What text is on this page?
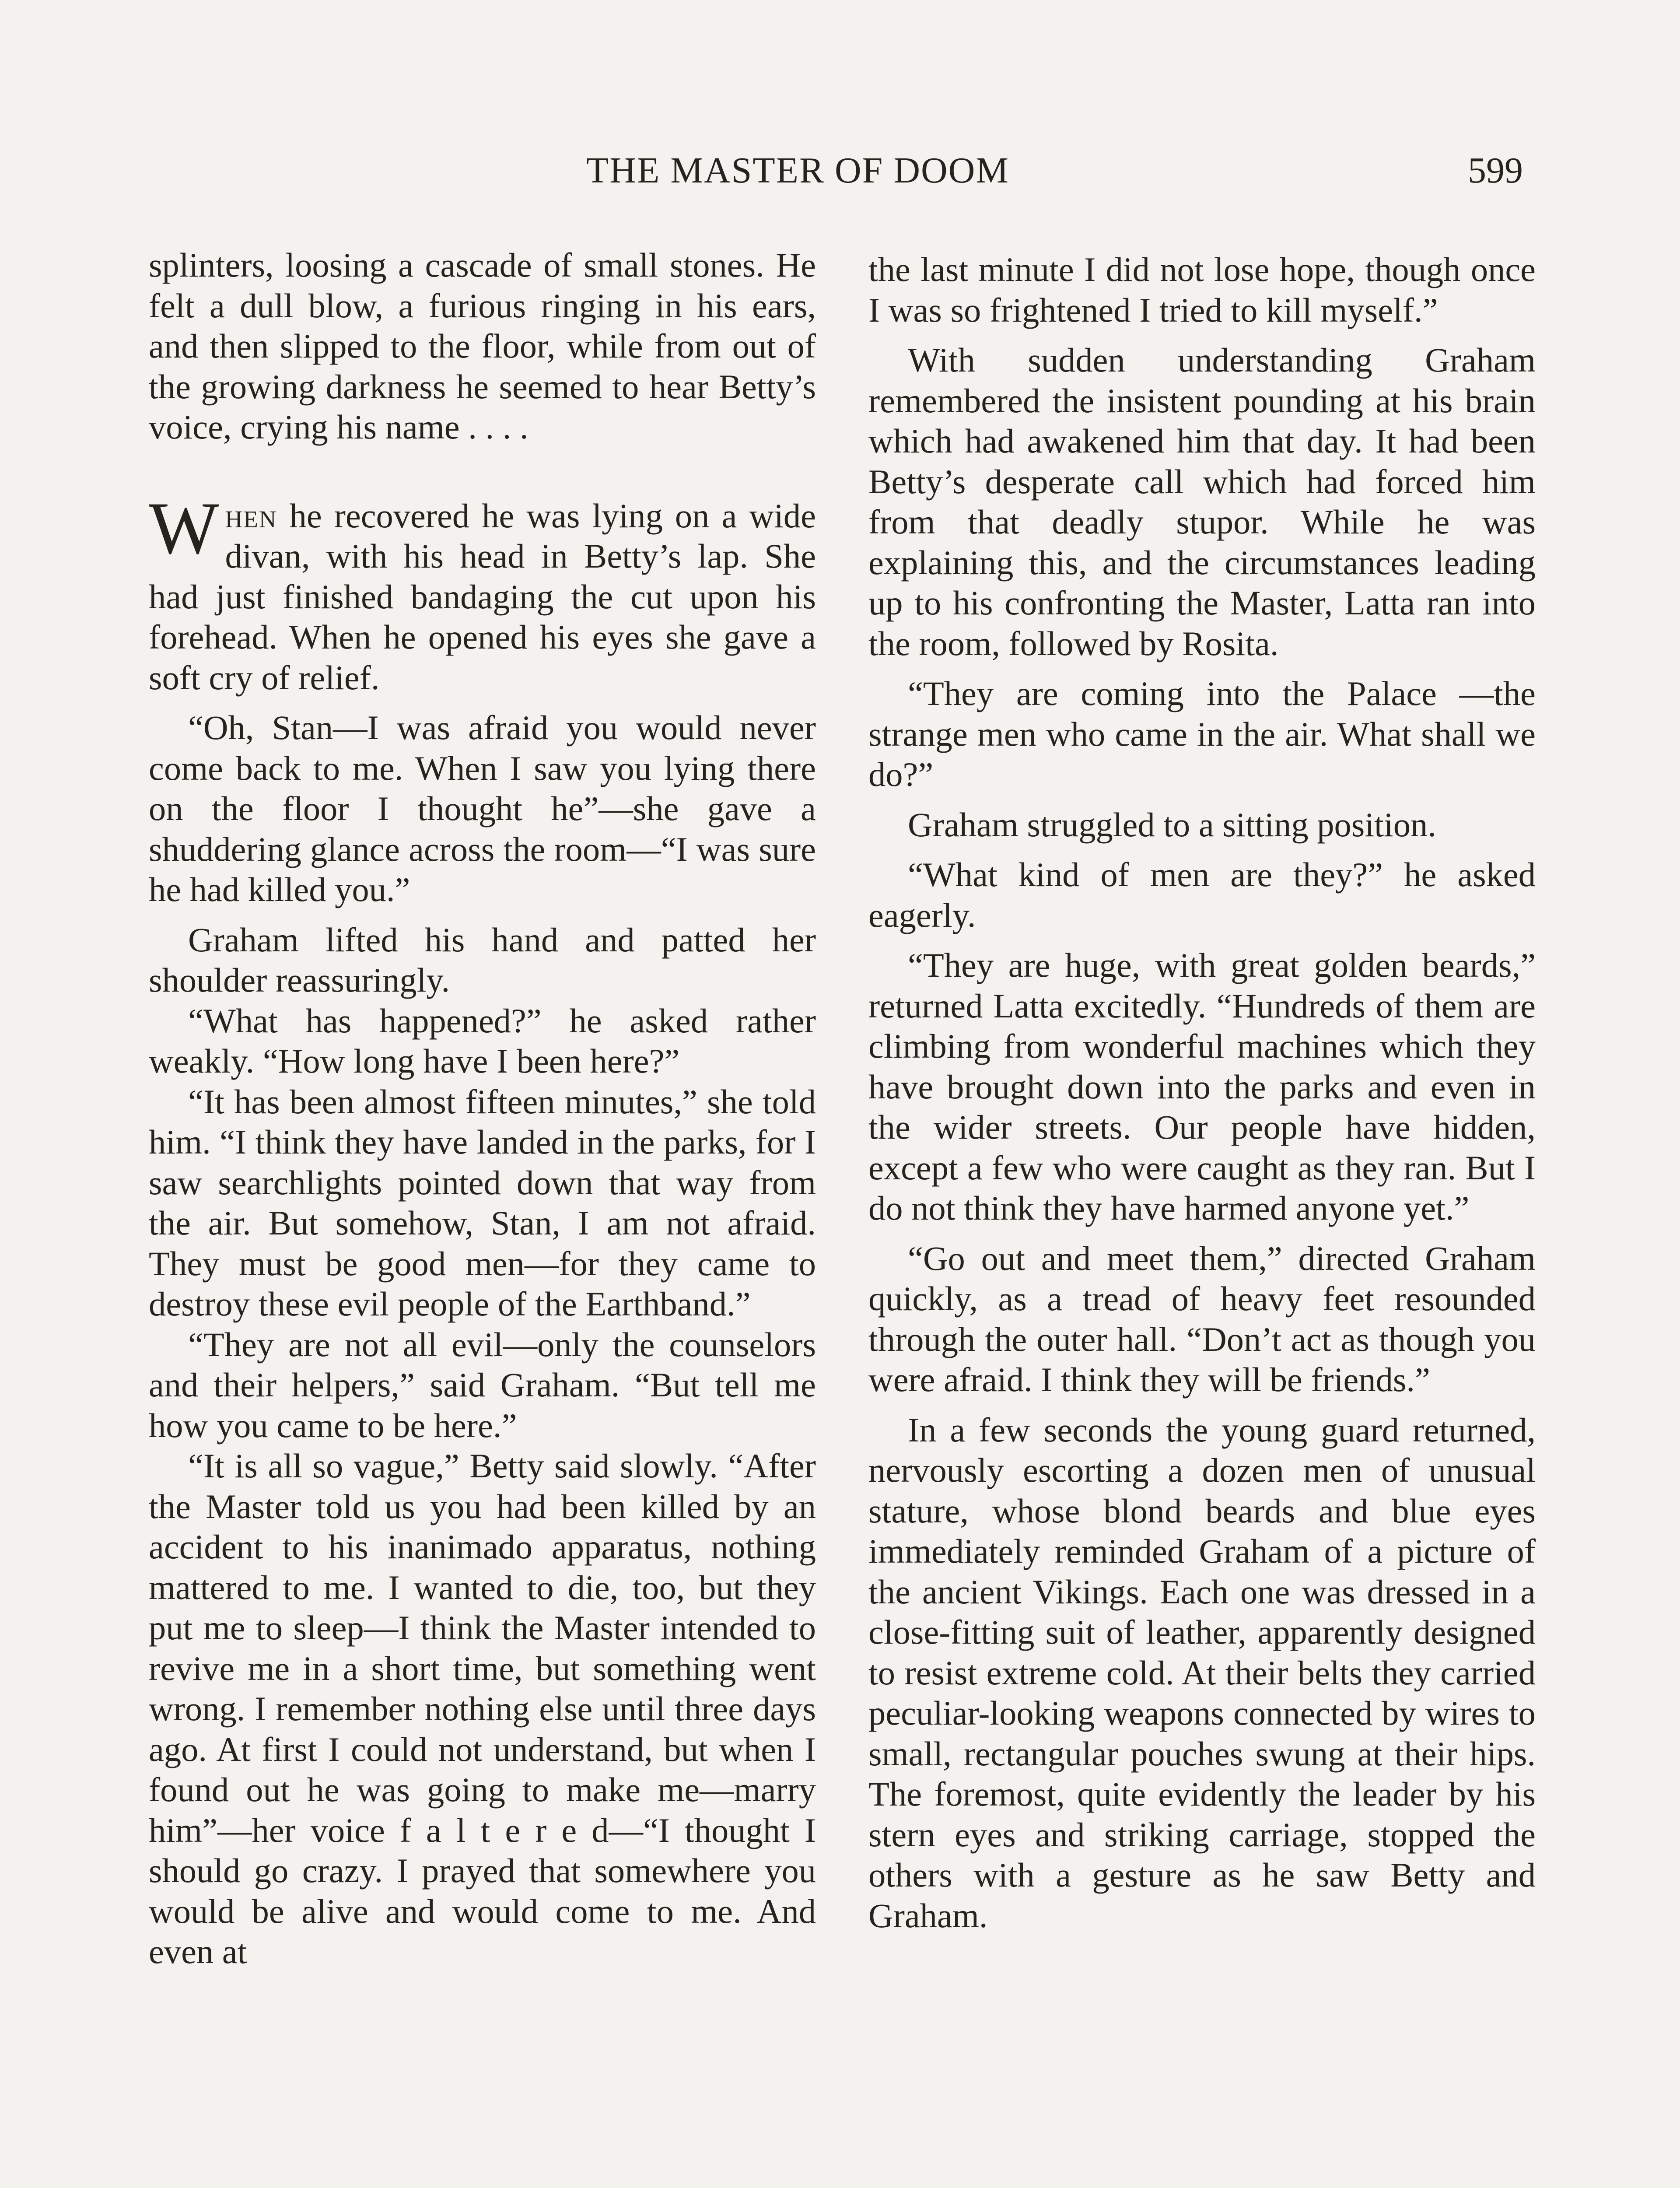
THE MASTER OF DOOM	599

splinters, loosing a cascade of small stones. He felt a dull blow, a furious ringing in his ears, and then slipped to the floor, while from out of the growing darkness he seemed to hear Betty’s voice, crying his name . . . .

When he recovered he was lying on a wide divan, with his head in Betty’s lap. She had just finished bandaging the cut upon his forehead. When he opened his eyes she gave a soft cry of relief.

“Oh, Stan—I was afraid you would never come back to me. When I saw you lying there on the floor I thought he”—she gave a shuddering glance across the room—“I was sure he had killed you.”

Graham lifted his hand and patted her shoulder reassuringly.

“What has happened?” he asked rather weakly. “How long have I been here?”

“It has been almost fifteen minutes,” she told him. “I think they have landed in the parks, for I saw searchlights pointed down that way from the air. But somehow, Stan, I am not afraid. They must be good men—for they came to destroy these evil people of the Earthband.”

“They are not all evil—only the counselors and their helpers,” said Graham. “But tell me how you came to be here.”

“It is all so vague,” Betty said slowly. “After the Master told us you had been killed by an accident to his inanimado apparatus, nothing mattered to me. I wanted to die, too, but they put me to sleep—I think the Master intended to revive me in a short time, but something went wrong. I remember nothing else until three days ago. At first I could not understand, but when I found out he was going to make me—marry him”—her voice f a l t e r e d—“I thought I should go crazy. I prayed that somewhere you would be alive and would come to me. And even at

the last minute I did not lose hope, though once I was so frightened I tried to kill myself.”

With sudden understanding Graham remembered the insistent pounding at his brain which had awakened him that day. It had been Betty’s desperate call which had forced him from that deadly stupor. While he was explaining this, and the circumstances leading up to his confronting the Master, Latta ran into the room, followed by Rosita.

“They are coming into the Palace —the strange men who came in the air. What shall we do?”

Graham struggled to a sitting position.

“What kind of men are they?” he asked eagerly.

“They are huge, with great golden beards,” returned Latta excitedly. “Hundreds of them are climbing from wonderful machines which they have brought down into the parks and even in the wider streets. Our people have hidden, except a few who were caught as they ran. But I do not think they have harmed anyone yet.”

“Go out and meet them,” directed Graham quickly, as a tread of heavy feet resounded through the outer hall. “Don’t act as though you were afraid. I think they will be friends.”

In a few seconds the young guard returned, nervously escorting a dozen men of unusual stature, whose blond beards and blue eyes immediately reminded Graham of a picture of the ancient Vikings. Each one was dressed in a close-fitting suit of leather, apparently designed to resist extreme cold. At their belts they carried peculiar-looking weapons connected by wires to small, rectangular pouches swung at their hips. The foremost, quite evidently the leader by his stern eyes and striking carriage, stopped the others with a gesture as he saw Betty and Graham.
